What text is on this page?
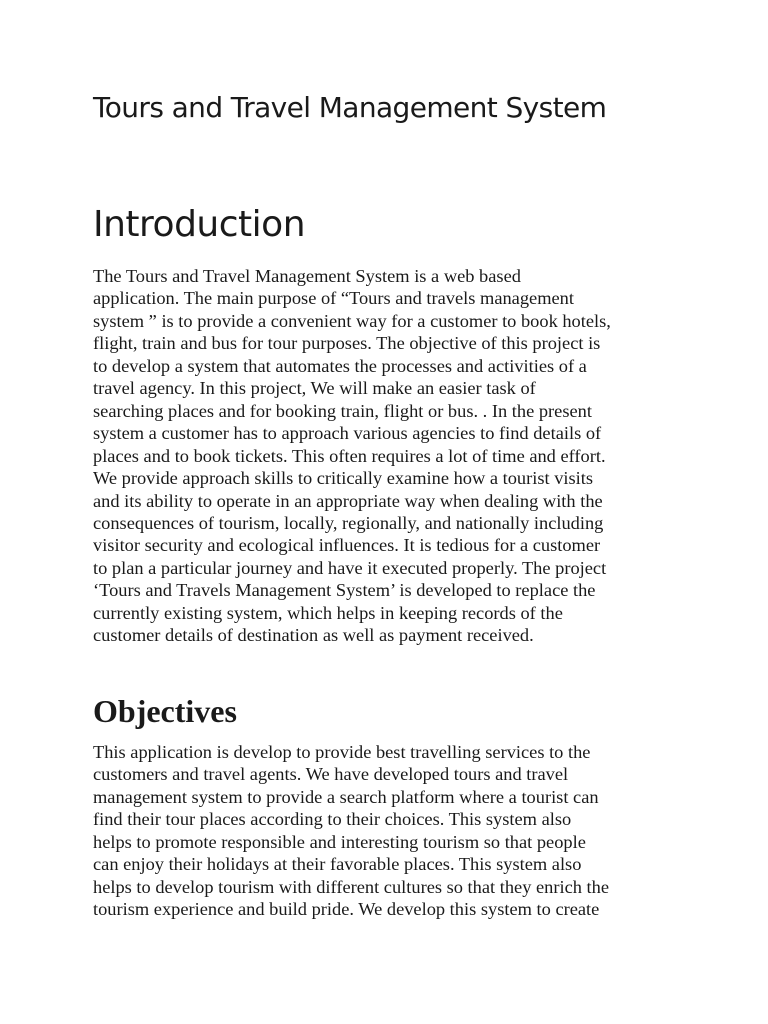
Tours and Travel Management System
Introduction

The Tours and Travel Management System is a web based
application. The main purpose of “Tours and travels management
system ” is to provide a convenient way for a customer to book hotels,
flight, train and bus for tour purposes. The objective of this project is
to develop a system that automates the processes and activities of a
travel agency. In this project, We will make an easier task of
searching places and for booking train, flight or bus. . In the present
system a customer has to approach various agencies to find details of
places and to book tickets. This often requires a lot of time and effort.
We provide approach skills to critically examine how a tourist visits
and its ability to operate in an appropriate way when dealing with the
consequences of tourism, locally, regionally, and nationally including
visitor security and ecological influences. It is tedious for a customer
to plan a particular journey and have it executed properly. The project
‘Tours and Travels Management System’ is developed to replace the
currently existing system, which helps in keeping records of the
customer details of destination as well as payment received.

Objectives

This application is develop to provide best travelling services to the
customers and travel agents. We have developed tours and travel
management system to provide a search platform where a tourist can
find their tour places according to their choices. This system also
helps to promote responsible and interesting tourism so that people
can enjoy their holidays at their favorable places. This system also
helps to develop tourism with different cultures so that they enrich the
tourism experience and build pride. We develop this system to create
